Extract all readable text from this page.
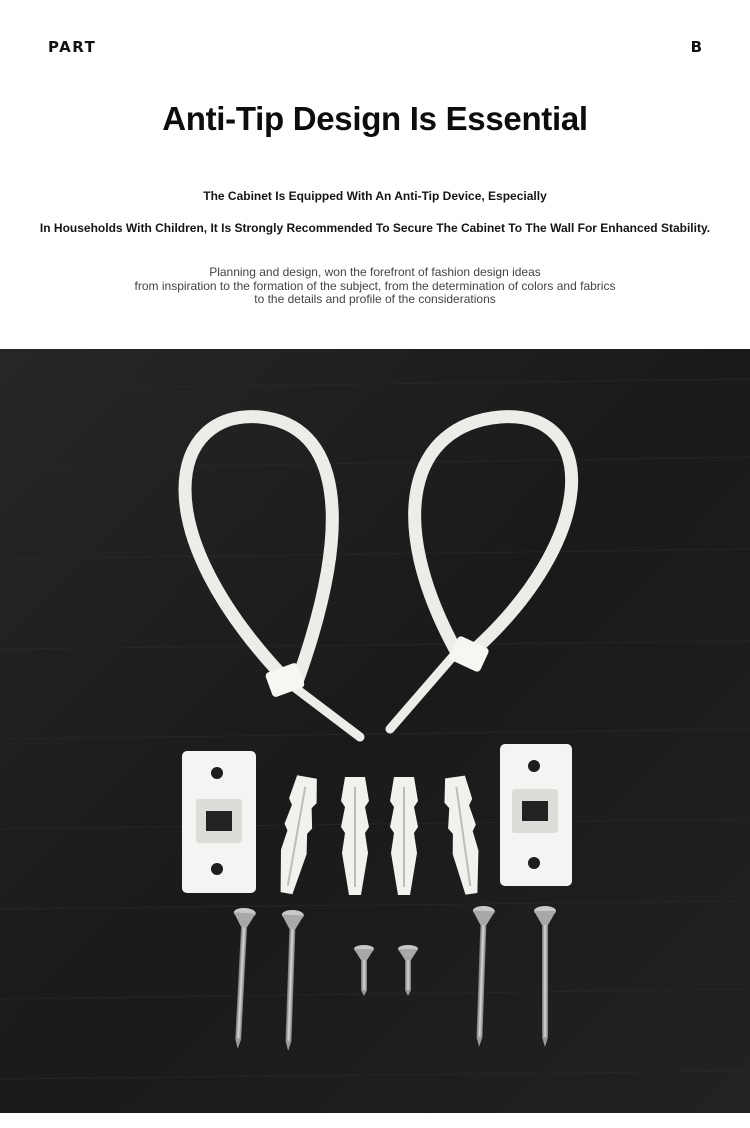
PART	B
Anti-Tip Design Is Essential
The Cabinet Is Equipped With An Anti-Tip Device, Especially
In Households With Children, It Is Strongly Recommended To Secure The Cabinet To The Wall For Enhanced Stability.
Planning and design, won the forefront of fashion design ideas
from inspiration to the formation of the subject, from the determination of colors and fabrics
to the details and profile of the considerations
